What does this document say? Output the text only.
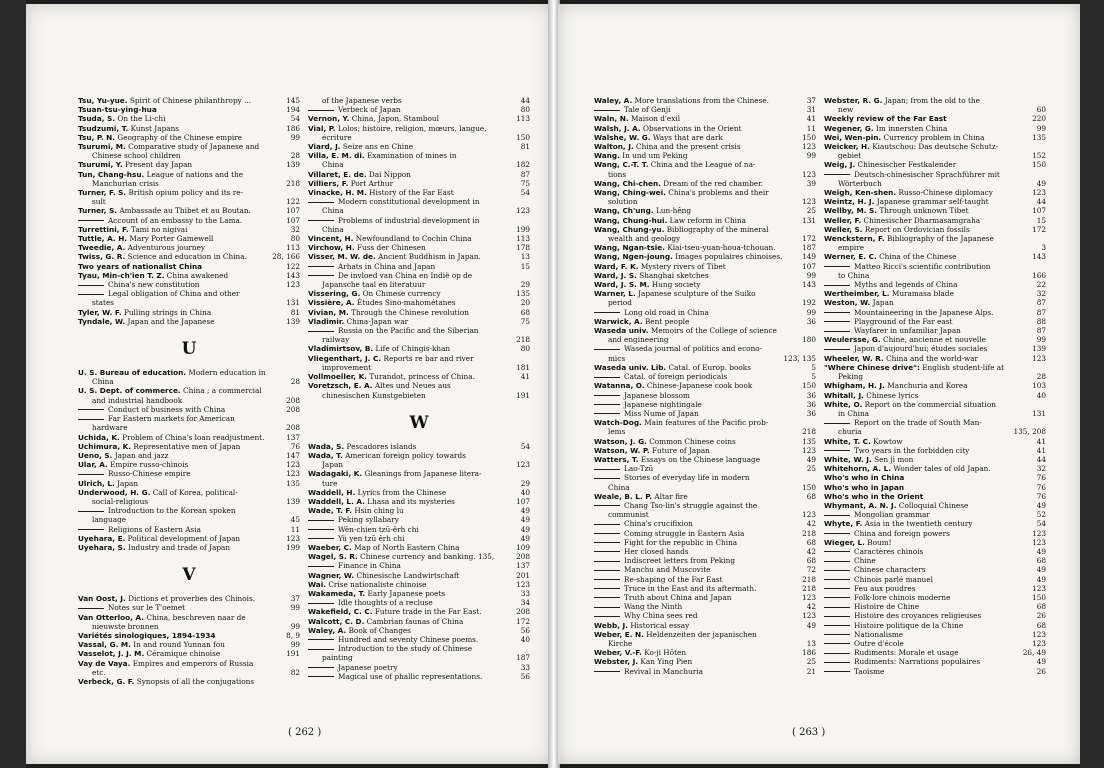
145
Tsu, Yu-yue. Spirit of Chinese philanthropy ...
194
Tsuan-tsu-ying-hua
54
Tsuda, S. On the Li-chi
186
Tsudzumi, T. Kunst Japans
99
Tsu, P. N. Geography of the Chinese empire
Tsurumi, M. Comparative study of Japanese and
28
Chinese school children
139
Tsurumi, Y. Present day Japan
Tun, Chang-hsu. League of nations and the
218
Manchurian crisis
Turner, F. S. British opium policy and its re-
122
sult
107
Turner, S. Ambassade au Thibet et au Boutan.
107
Account of an embassy to the Lama.
32
Turrettini, F. Tami no nigivai
80
Tuttle, A. H. Mary Porter Gamewell
113
Tweedie, A. Adventurous journey
28, 166
Twiss, G. R. Science and education in China.
122
Two years of nationalist China
143
Tyau, Min-ch'ien T. Z. China awakened
123
China's new constitution
Legal obligation of China and other
131
states
81
Tyler, W. F. Pulling strings in China
139
Tyndale, W. Japan and the Japanese
U
U. S. Bureau of education. Modern education in
28
China
U. S. Dept. of commerce. China ; a commercial
208
and industrial handbook
208
Conduct of business with China
Far Eastern markets for American
208
hardware
137
Uchida, K. Problem of China's loan readjustment.
76
Uchimura, K. Representative men of Japan
147
Ueno, S. Japan and jazz
123
Ular, A. Empire russo-chinois
123
Russo-Chinese empire
135
Ulrich, L. Japan
Underwood, H. G. Call of Korea, political-
139
social-religious
Introduction to the Korean spoken
45
language
11
Religions of Eastern Asia
123
Uyehara, E. Political development of Japan
199
Uyehara, S. Industry and trade of Japan
V
37
Van Oost, J. Dictions et proverbes des Chinois.
99
Notes sur le T'oemet
Van Otterloo, A. China, beschreven naar de
99
nieuwste bronnen
8, 9
Variétés sinologiques, 1894-1934
99
Vassal, G. M. In and round Yunnan fou
191
Vasselot, J. J. M. Céramique chinoise
Vay de Vaya. Empires and emperors of Russia
82
etc.
Verbeck, G. F. Synopsis of all the conjugations
44
of the Japanese verbs
80
Verbeck of Japan
113
Vernon, Y. China, Japon, Stamboul
Vial, P. Lolos; histoire, religion, mœurs, langue,
150
écriture
81
Viard, J. Seize ans en Chine
Villa, E. M. di. Examination of mines in
182
China
87
Villaret, E. de. Dai Nippon
75
Villiers, F. Port Arthur
54
Vinacke, H. M. History of the Far East
Modern constitutional development in
123
China
Problems of industrial development in
199
China
113
Vincent, H. Newfoundland to Cochin China
178
Virchow, H. Fuss der Chinesen
13
Visser, M. W. de. Ancient Buddhism in Japan.
15
Arhats in China and Japan
De invloed van China en Indië op de
29
Japansche taal en literatuur
135
Vissering, G. On Chinese currency
20
Vissière, A. Études Sino-mahométanes
68
Vivian, M. Through the Chinese revolution
75
Vladimir. China-Japan war
Russia on the Pacific and the Siberian
218
railway
80
Vladimirtsov, B. Life of Chingis-khan
Vliegenthart, J. C. Reports re bar and river
181
improvement
41
Vollmoeller, K. Turandot, princess of China.
Voretzsch, E. A. Altes und Neues aus
191
chinesischen Kunstgebieten
W
54
Wada, S. Pescadores islands
Wada, T. American foreign policy towards
123
Japan
Wadagaki, K. Gleanings from Japanese litera-
29
ture
40
Waddell, H. Lyrics from the Chinese
107
Waddell, L. A. Lhasa and its mysteries
49
Wade, T. F. Hsin ching lu
49
Peking syllabary
49
Wên-chien tzŭ-êrh chi
49
Yü yen tzŭ êrh chi
109
Waeber, C. Map of North Eastern China
208
Wagel, S. R. Chinese currency and banking. 135,
137
Finance in China
201
Wagner, W. Chinesische Landwirtschaft
123
Wai. Crise nationaliste chinoise
33
Wakameda, T. Early Japanese poets
34
Idle thoughts of a recluse
208
Wakefield, C. C. Future trade in the Far East.
172
Walcott, C. D. Cambrian faunas of China
56
Waley, A. Book of Changes
40
Hundred and seventy Chinese poems.
Introduction to the study of Chinese
187
painting
33
Japanese poetry
56
Magical use of phallic representations.
( 262 )
37
Waley, A. More translations from the Chinese.
31
Tale of Genji
41
Waln, N. Maison d'exil
11
Walsh, J. A. Observations in the Orient
150
Walshe, W. G. Ways that are dark
123
Walton, J. China and the present crisis
99
Wang. In und um Peking
Wang, C.-T. T. China and the League of na-
123
tions
39
Wang, Chi-chen. Dream of the red chamber.
Wang, Ching-wei. China's problems and their
123
solution
25
Wang, Ch'ung. Lun-hêng
131
Wang, Chung-hui. Law reform in China
Wang, Chung-yu. Bibliography of the mineral
172
wealth and geology
187
Wang, Ngan-tsie. Kiai-tseu-yuan-houa-tchouan.
149
Wang, Ngen-joung. Images populaires chinoises.
107
Ward, F. K. Mystery rivers of Tibet
99
Ward, J. S. Shanghai sketches
143
Ward, J. S. M. Hung society
Warner, L. Japanese sculpture of the Suiko
192
period
99
Long old road in China
36
Warwick, A. Bent people
Waseda univ. Memoirs of the College of science
180
and engineering
Waseda journal of politics and econo-
123, 135
mics
5
Waseda univ. Lib. Catal. of Europ. books
5
Catal. of foreign periodicals
150
Watanna, O. Chinese-Japanese cook book
36
Japanese blossom
36
Japanese nightingale
36
Miss Nume of Japan
Watch-Dog. Main features of the Pacific prob-
218
lems
135
Watson, J. G. Common Chinese coins
123
Watson, W. P. Future of Japan
49
Watters, T. Essays on the Chinese language
25
Lao-Tzŭ
Stories of everyday life in modern
150
China
68
Weale, B. L. P. Altar fire
Chang Tso-lin's struggle against the
123
communist
42
China's crucifixion
218
Coming struggle in Eastern Asia
68
Fight for the republic in China
42
Her closed hands
68
Indiscreet letters from Peking
72
Manchu and Muscovite
218
Re-shaping of the Far East
218
Truce in the East and its aftermath.
123
Truth about China and Japan
42
Wang the Ninth
123
Why China sees red
49
Webb, J. Historical essay
Weber, E. N. Heldenzeiten der japanischen
13
Kirche
186
Weber, V.-F. Ko-ji Hôten
25
Webster, J. Kan Ying Pien
21
Revival in Manchuria
Webster, R. G. Japan; from the old to the
60
new
220
Weekly review of the Far East
99
Wegener, G. Im innersten China
135
Wei, Wen-pin. Currency problem in China
Weicker, H. Kiautschou: Das deutsche Schutz-
152
gebiet
150
Weig, J. Chinesischer Festkalender
Deutsch-chinesischer Sprachführer mit
49
Wörterbuch
123
Weigh, Ken-shen. Russo-Chinese diplomacy
44
Weintz, H. J. Japanese grammar self-taught
107
Wellby, M. S. Through unknown Tibet
15
Weller, F. Chinesischer Dharmasamgraha
172
Weller, S. Report on Ordovician fossils
Wenckstern, F. Bibliography of the Japanese
3
empire
143
Werner, E. C. China of the Chinese
Matteo Ricci's scientific contribution
166
to China
22
Myths and legends of China
32
Wertheimber, L. Muramasa blade
87
Weston, W. Japan
87
Mountaineering in the Japanese Alps.
88
Playground of the Far east
87
Wayfarer in unfamiliar Japan
99
Weulersse, G. Chine, ancienne et nouvelle
139
Japon d'aujourd'hui; études sociales
123
Wheeler, W. R. China and the world-war
"Where Chinese drive": English student-life at
28
Peking
103
Whigham, H. J. Manchuria and Korea
40
Whitall, J. Chinese lyrics
White, O. Report on the commercial situation
131
in China
Report on the trade of South Man-
135, 208
churia
41
White, T. C. Kowtow
41
Two years in the forbidden city
44
White, W. J. Sen ji mon
32
Whitehorn, A. L. Wonder tales of old Japan.
76
Who's who in China
76
Who's who in Japan
76
Who's who in the Orient
49
Whymant, A. N. J. Colloquial Chinese
52
Mongolian grammar
54
Whyte, F. Asia in the twentieth century
123
China and foreign powers
123
Wieger, L. Boum!
49
Caractères chinois
68
Chine
49
Chinese characters
49
Chinois parlé manuel
123
Feu aux poudres
150
Folk-lore chinois moderne
68
Histoire de Chine
26
Histoire des croyances religieuses
68
Histoire politique de la Chine
123
Nationalisme
123
Outre d'école
26, 49
Rudiments: Morale et usage
49
Rudiments: Narrations populaires
26
Taoisme
( 263 )
